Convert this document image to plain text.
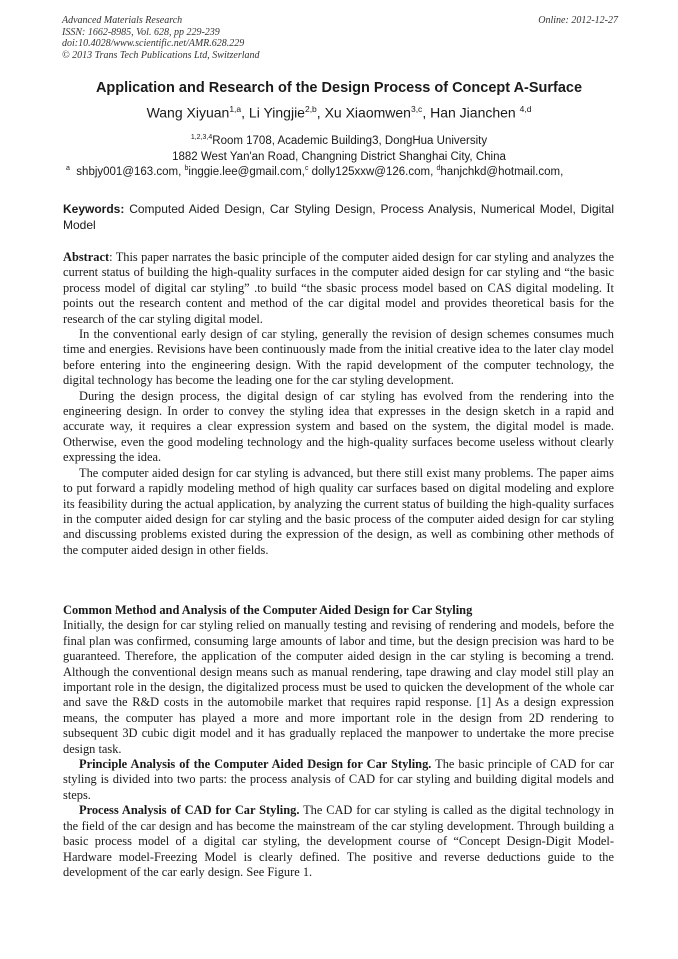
Advanced Materials Research
ISSN: 1662-8985, Vol. 628, pp 229-239
doi:10.4028/www.scientific.net/AMR.628.229
© 2013 Trans Tech Publications Ltd, Switzerland
Online: 2012-12-27
Application and Research of the Design Process of Concept A-Surface
Wang Xiyuan$^{1,a}$, Li Yingjie$^{2,b}$, Xu Xiaomwen$^{3,c}$, Han Jianchen $^{4,d}$
$^{1,2,3,4}$Room 1708, Academic Building3, DongHua University
1882 West Yan'an Road, Changning District Shanghai City, China
$^a$ shbjy001@163.com, $^b$inggie.lee@gmail.com,$^c$ dolly125xxw@126.com, $^d$hanjchkd@hotmail.com,
Keywords: Computed Aided Design, Car Styling Design, Process Analysis, Numerical Model, Digital Model

Abstract: This paper narrates the basic principle of the computer aided design for car styling and analyzes the current status of building the high-quality surfaces in the computer aided design for car styling and “the basic process model of digital car styling” .to build “the sbasic process model based on CAS digital modeling. It points out the research content and method of the car digital model and provides theoretical basis for the research of the car styling digital model.

In the conventional early design of car styling, generally the revision of design schemes consumes much time and energies. Revisions have been continuously made from the initial creative idea to the later clay model before entering into the engineering design. With the rapid development of the computer technology, the digital technology has become the leading one for the car styling development.

During the design process, the digital design of car styling has evolved from the rendering into the engineering design. In order to convey the styling idea that expresses in the design sketch in a rapid and accurate way, it requires a clear expression system and based on the system, the digital model is made. Otherwise, even the good modeling technology and the high-quality surfaces become useless without clearly expressing the idea.

The computer aided design for car styling is advanced, but there still exist many problems. The paper aims to put forward a rapidly modeling method of high quality car surfaces based on digital modeling and explore its feasibility during the actual application, by analyzing the current status of building the high-quality surfaces in the computer aided design for car styling and the basic process of the computer aided design for car styling and discussing problems existed during the expression of the design, as well as combining other methods of the computer aided design in other fields.

Common Method and Analysis of the Computer Aided Design for Car Styling

Initially, the design for car styling relied on manually testing and revising of rendering and models, before the final plan was confirmed, consuming large amounts of labor and time, but the design precision was hard to be guaranteed. Therefore, the application of the computer aided design in the car styling is becoming a trend. Although the conventional design means such as manual rendering, tape drawing and clay model still play an important role in the design, the digitalized process must be used to quicken the development of the whole car and save the R&D costs in the automobile market that requires rapid response. [1] As a design expression means, the computer has played a more and more important role in the design from 2D rendering to subsequent 3D cubic digit model and it has gradually replaced the manpower to undertake the more precise design task.

Principle Analysis of the Computer Aided Design for Car Styling. The basic principle of CAD for car styling is divided into two parts: the process analysis of CAD for car styling and building digital models and steps.

Process Analysis of CAD for Car Styling. The CAD for car styling is called as the digital technology in the field of the car design and has become the mainstream of the car styling development. Through building a basic process model of a digital car styling, the development course of “Concept Design-Digit Model- Hardware model-Freezing Model is clearly defined. The positive and reverse deductions guide to the development of the car early design. See Figure 1.
